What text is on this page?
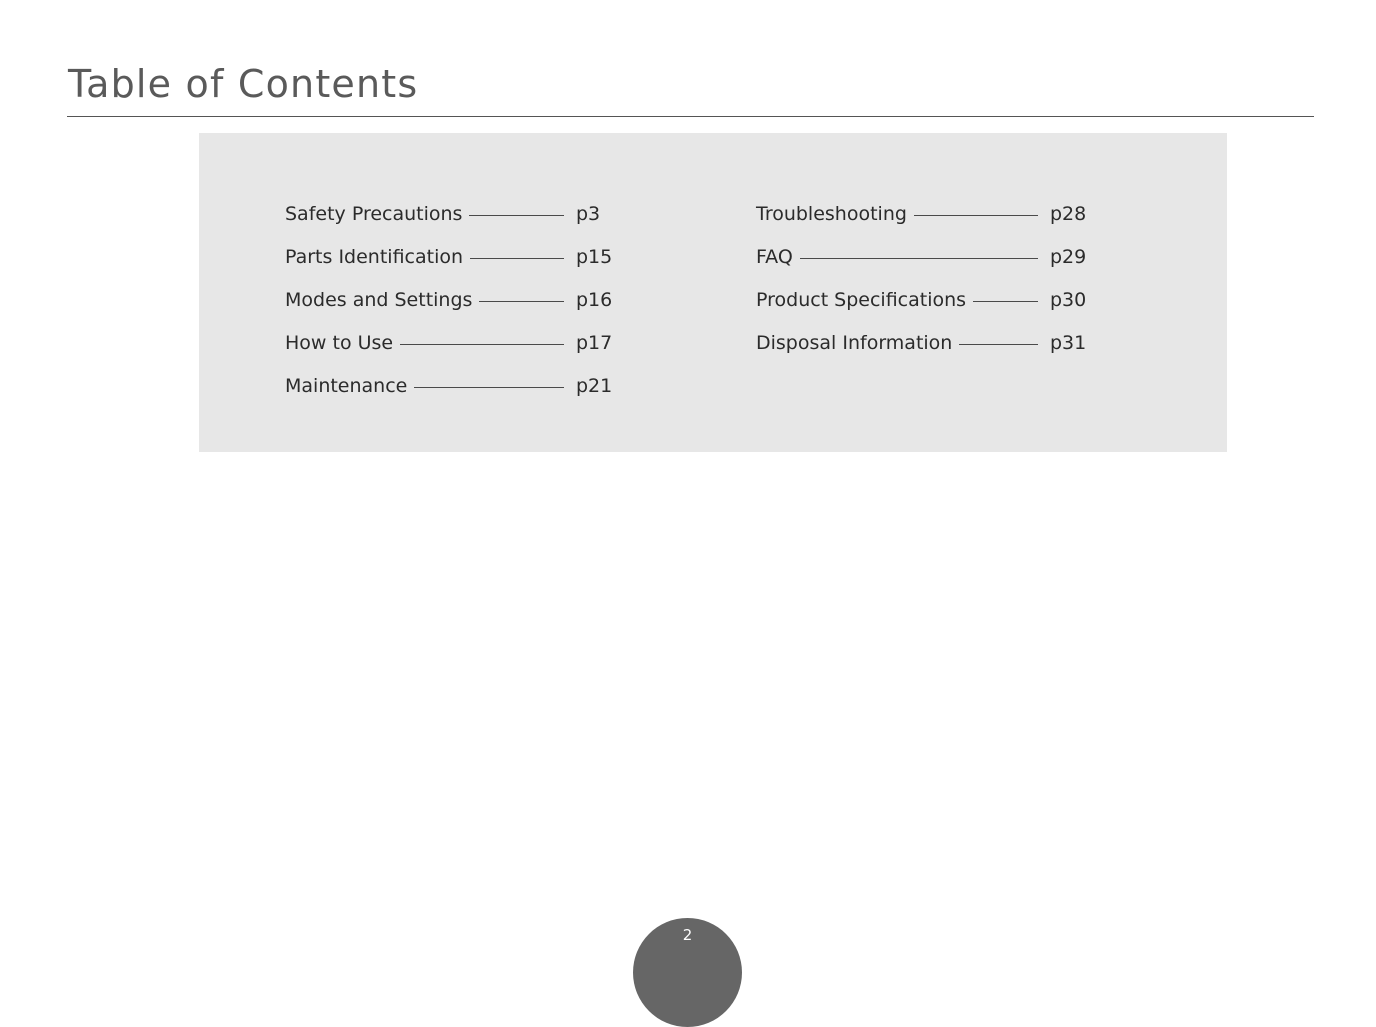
Table of Contents
Safety Precautions	p3
Parts Identification	p15
Modes and Settings	p16
How to Use	p17
Maintenance	p21
Troubleshooting	p28
FAQ	p29
Product Specifications	p30
Disposal Information	p31
2
